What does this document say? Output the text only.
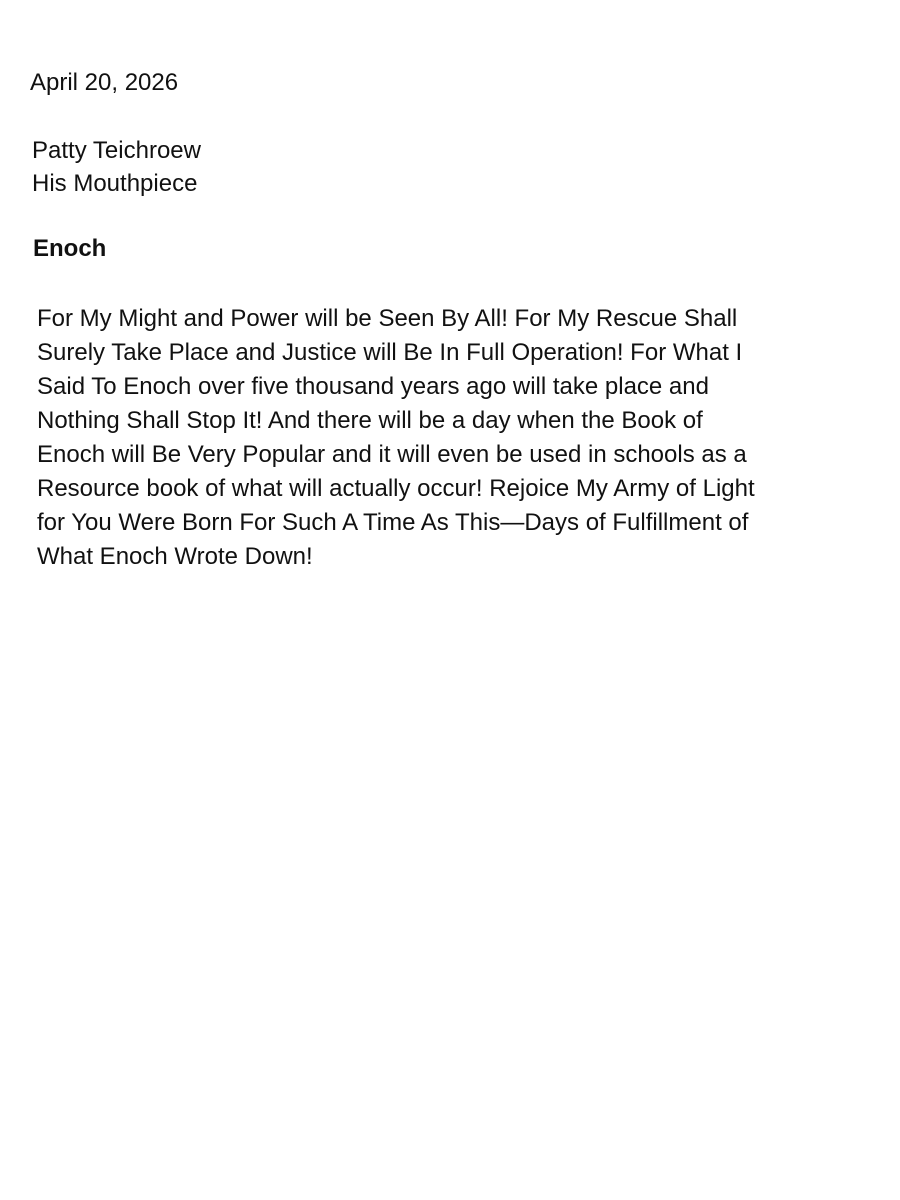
April 20, 2026
Patty Teichroew
His Mouthpiece
Enoch
For My Might and Power will be Seen By All! For My Rescue Shall
Surely Take Place and Justice will Be In Full Operation! For What I
Said To Enoch over five thousand years ago will take place and
Nothing Shall Stop It! And there will be a day when the Book of
Enoch will Be Very Popular and it will even be used in schools as a
Resource book of what will actually occur! Rejoice My Army of Light
for You Were Born For Such A Time As This—Days of Fulfillment of
What Enoch Wrote Down!
